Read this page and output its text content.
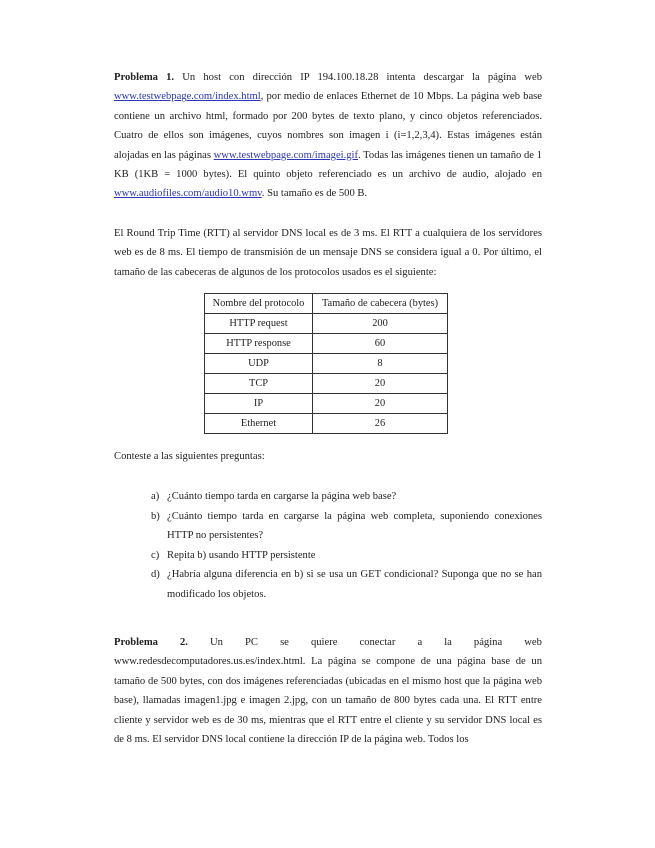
Problema 1. Un host con dirección IP 194.100.18.28 intenta descargar la página web www.testwebpage.com/index.html, por medio de enlaces Ethernet de 10 Mbps. La página web base contiene un archivo html, formado por 200 bytes de texto plano, y cinco objetos referenciados. Cuatro de ellos son imágenes, cuyos nombres son imagen i (i=1,2,3,4). Estas imágenes están alojadas en las páginas www.testwebpage.com/imagei.gif. Todas las imágenes tienen un tamaño de 1 KB (1KB = 1000 bytes). El quinto objeto referenciado es un archivo de audio, alojado en www.audiofiles.com/audio10.wmv. Su tamaño es de 500 B.

El Round Trip Time (RTT) al servidor DNS local es de 3 ms. El RTT a cualquiera de los servidores web es de 8 ms. El tiempo de transmisión de un mensaje DNS se considera igual a 0. Por último, el tamaño de las cabeceras de algunos de los protocolos usados es el siguiente:

Nombre del protocolo	Tamaño de cabecera (bytes)
HTTP request	200
HTTP response	60
UDP	8
TCP	20
IP	20
Ethernet	26

Conteste a las siguientes preguntas:

a) ¿Cuánto tiempo tarda en cargarse la página web base?
b) ¿Cuánto tiempo tarda en cargarse la página web completa, suponiendo conexiones HTTP no persistentes?
c) Repita b) usando HTTP persistente
d) ¿Habría alguna diferencia en b) si se usa un GET condicional? Suponga que no se han modificado los objetos.
Problema 2. Un PC se quiere conectar a la página web

www.redesdecomputadores.us.es/index.html. La página se compone de una página base de un tamaño de 500 bytes, con dos imágenes referenciadas (ubicadas en el mismo host que la página web base), llamadas imagen1.jpg e imagen 2.jpg, con un tamaño de 800 bytes cada una. El RTT entre cliente y servidor web es de 30 ms, mientras que el RTT entre el cliente y su servidor DNS local es de 8 ms. El servidor DNS local contiene la dirección IP de la página web. Todos los
